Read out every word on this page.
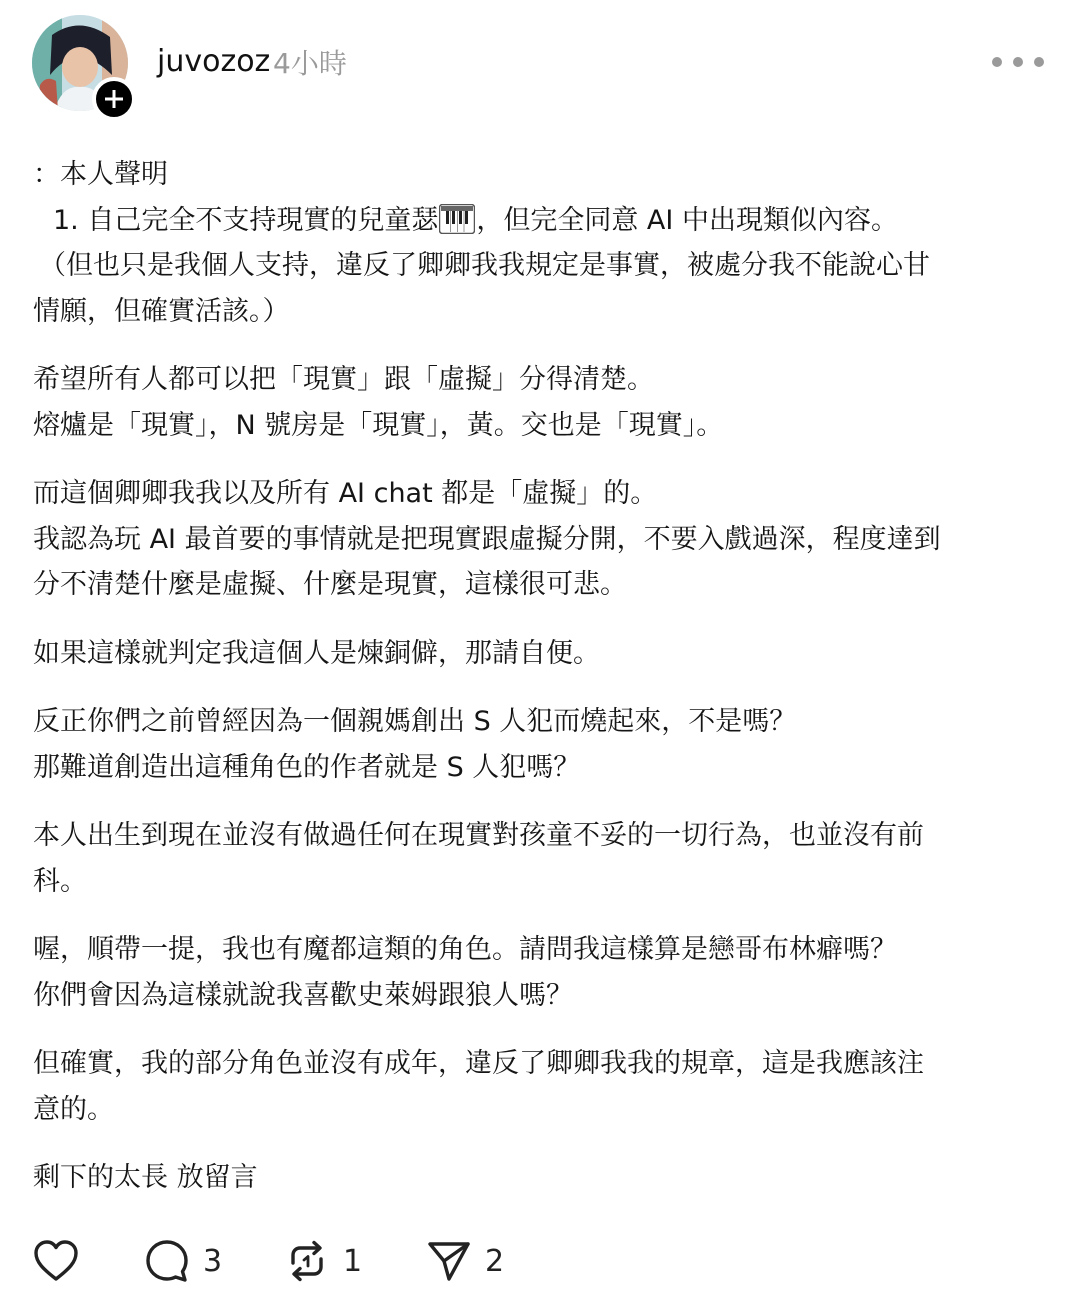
juvozoz 4小時

：本人聲明
1. 自己完全不支持現實的兒童瑟 ，但完全同意 AI 中出現類似內容。
（但也只是我個人支持，違反了卿卿我我規定是事實，被處分我不能說心甘
情願，但確實活該。）

希望所有人都可以把「現實」跟「虛擬」分得清楚。
熔爐是「現實」，N 號房是「現實」，黃。交也是「現實」。

而這個卿卿我我以及所有 AI chat 都是「虛擬」的。
我認為玩 AI 最首要的事情就是把現實跟虛擬分開，不要入戲過深，程度達到
分不清楚什麼是虛擬、什麼是現實，這樣很可悲。

如果這樣就判定我這個人是煉銅僻，那請自便。

反正你們之前曾經因為一個親媽創出 S 人犯而燒起來，不是嗎？
那難道創造出這種角色的作者就是 S 人犯嗎？

本人出生到現在並沒有做過任何在現實對孩童不妥的一切行為，也並沒有前
科。

喔，順帶一提，我也有魔都這類的角色。請問我這樣算是戀哥布林癖嗎？
你們會因為這樣就說我喜歡史萊姆跟狼人嗎？

但確實，我的部分角色並沒有成年，違反了卿卿我我的規章，這是我應該注
意的。

剩下的太長 放留言

3	1	2
